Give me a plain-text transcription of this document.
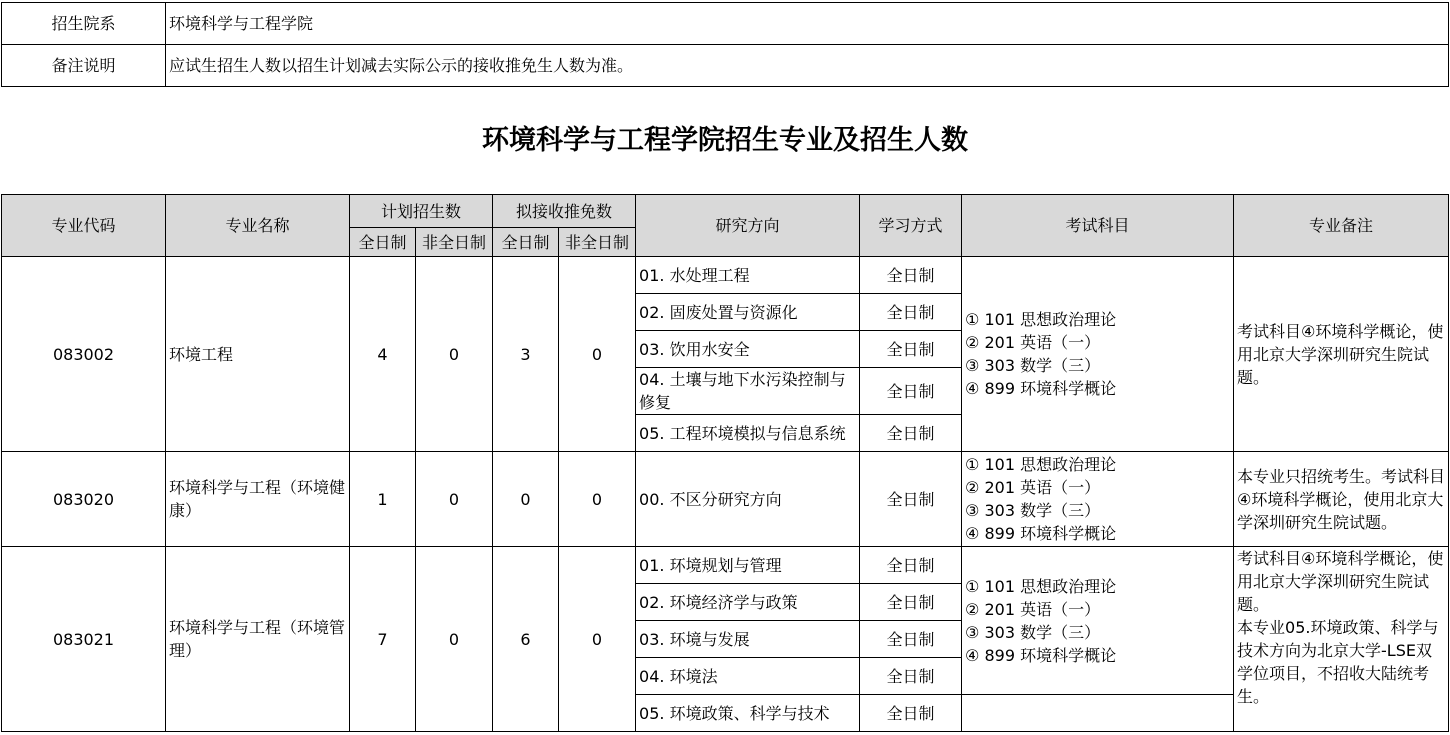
招生院系	环境科学与工程学院
备注说明	应试生招生人数以招生计划减去实际公示的接收推免生人数为准。
环境科学与工程学院招生专业及招生人数
专业代码	专业名称	计划招生数		拟接收推免数		研究方向	学习方式	考试科目	专业备注
		全日制	非全日制	全日制	非全日制				
083002	环境工程	4	0	3	0	01. 水处理工程	全日制	① 101 思想政治理论
② 201 英语（一）
③ 303 数学（三）
④ 899 环境科学概论	考试科目④环境科学概论，使用北京大学深圳研究生院试题。
						02. 固废处置与资源化	全日制		
						03. 饮用水安全	全日制		
						04. 土壤与地下水污染控制与修复	全日制		
						05. 工程环境模拟与信息系统	全日制		
083020	环境科学与工程（环境健康）	1	0	0	0	00. 不区分研究方向	全日制	① 101 思想政治理论
② 201 英语（一）
③ 303 数学（三）
④ 899 环境科学概论	本专业只招统考生。考试科目④环境科学概论，使用北京大学深圳研究生院试题。
083021	环境科学与工程（环境管理）	7	0	6	0	01. 环境规划与管理	全日制	① 101 思想政治理论
② 201 英语（一）
③ 303 数学（三）
④ 899 环境科学概论	考试科目④环境科学概论，使用北京大学深圳研究生院试题。
本专业05.环境政策、科学与技术方向为北京大学-LSE双学位项目，不招收大陆统考生。

						02. 环境经济学与政策	全日制		
						03. 环境与发展	全日制		
						04. 环境法	全日制		
						05. 环境政策、科学与技术	全日制		
